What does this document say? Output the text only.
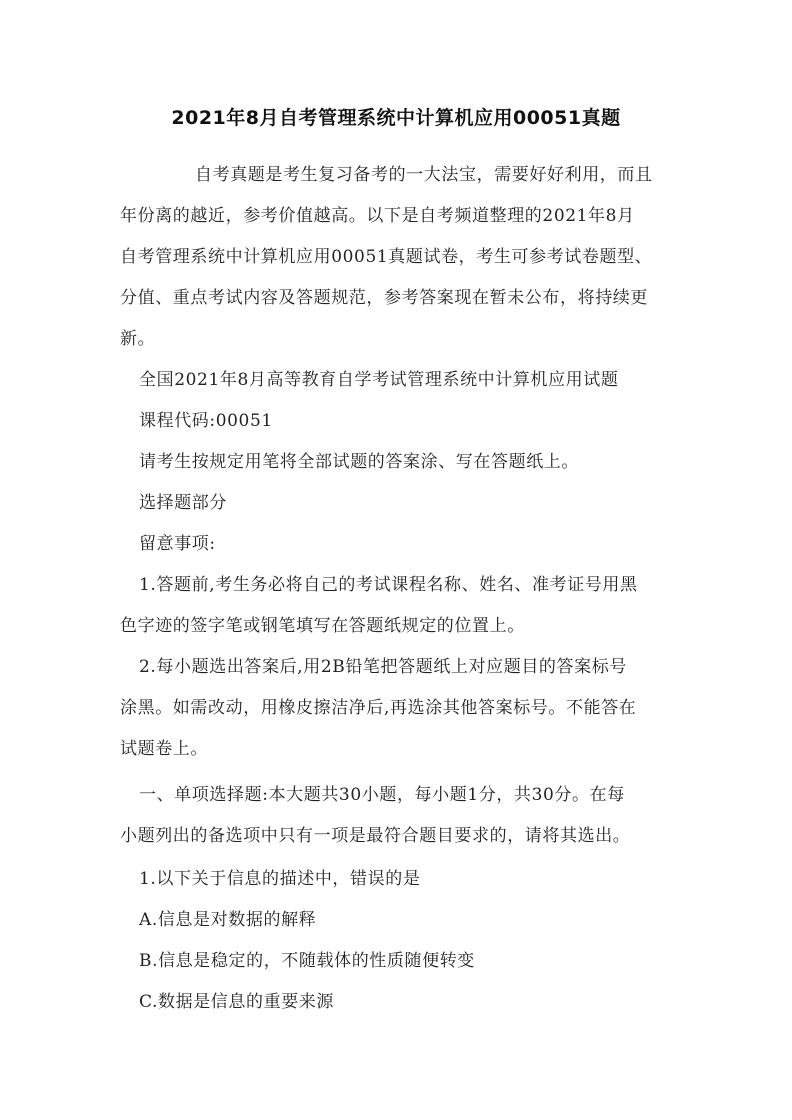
2021年8月自考管理系统中计算机应用00051真题
自考真题是考生复习备考的一大法宝，需要好好利用，而且
年份离的越近，参考价值越高。以下是自考频道整理的2021年8月
自考管理系统中计算机应用00051真题试卷，考生可参考试卷题型、
分值、重点考试内容及答题规范，参考答案现在暂未公布，将持续更
新。
全国2021年8月高等教育自学考试管理系统中计算机应用试题
课程代码:00051
请考生按规定用笔将全部试题的答案涂、写在答题纸上。
选择题部分
留意事项:
1.答题前,考生务必将自己的考试课程名称、姓名、准考证号用黑
色字迹的签字笔或钢笔填写在答题纸规定的位置上。
2.每小题选出答案后,用2B铅笔把答题纸上对应题目的答案标号
涂黑。如需改动，用橡皮擦洁净后,再选涂其他答案标号。不能答在
试题卷上。
一、单项选择题:本大题共30小题，每小题1分，共30分。在每
小题列出的备选项中只有一项是最符合题目要求的，请将其选出。
1.以下关于信息的描述中，错误的是
A.信息是对数据的解释
B.信息是稳定的，不随载体的性质随便转变
C.数据是信息的重要来源
